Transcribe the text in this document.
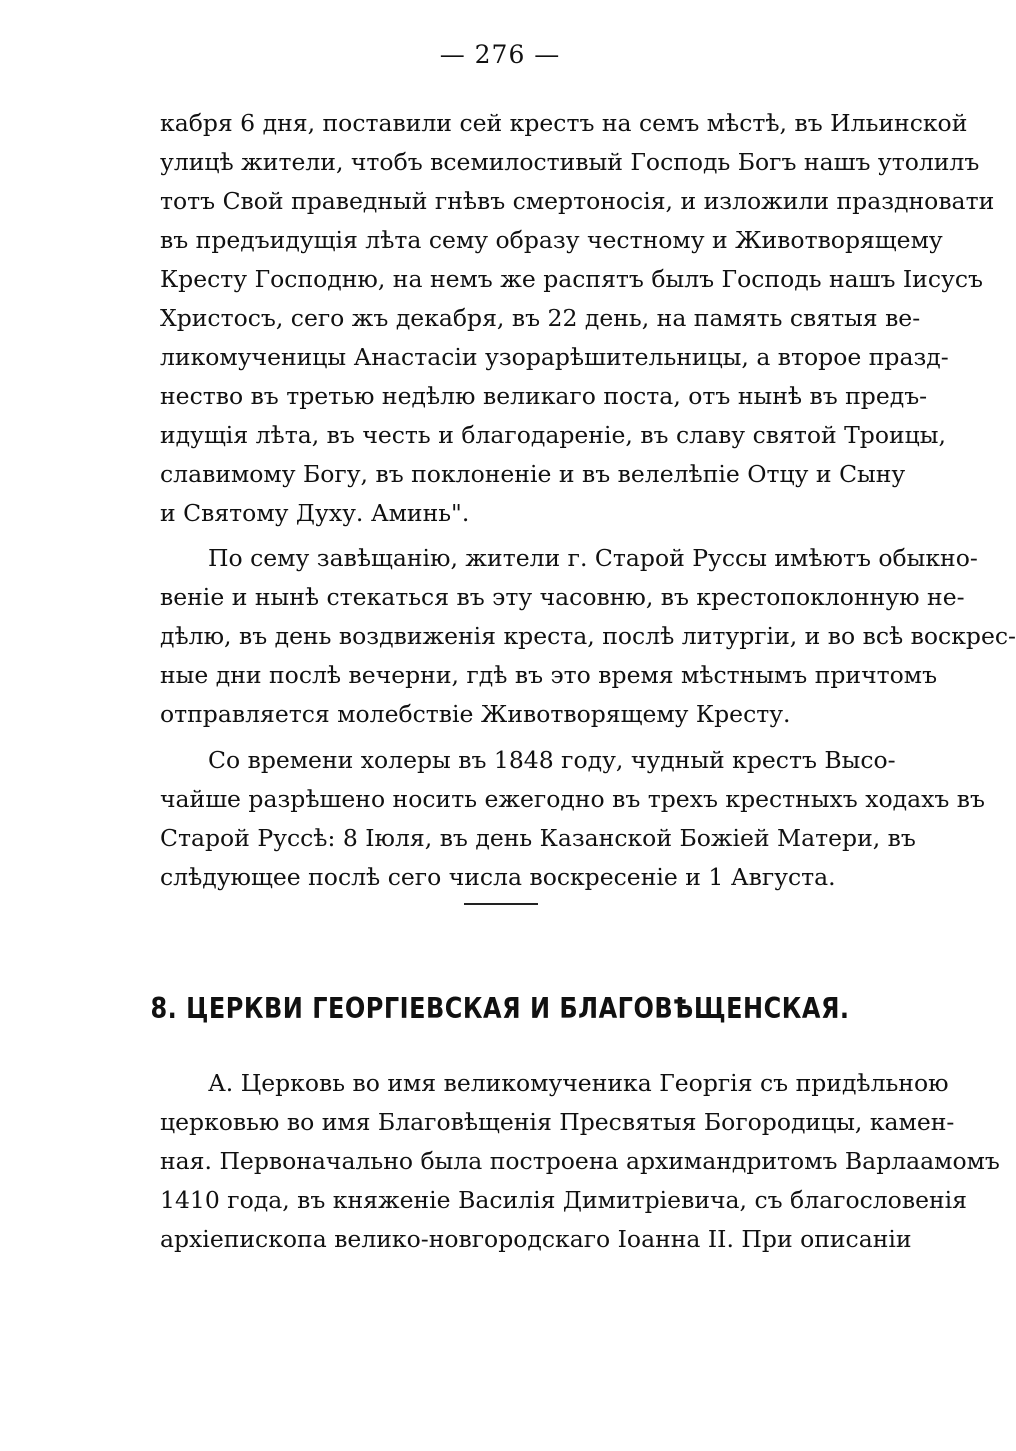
— 276 —
кабря 6 дня, поставили сей крестъ на семъ мѣстѣ, въ Ильинской
улицѣ жители, чтобъ всемилостивый Господь Богъ нашъ утолилъ
тотъ Свой праведный гнѣвъ смертоносія, и изложили праздновати
въ предъидущія лѣта сему образу честному и Животворящему
Кресту Господню, на немъ же распятъ былъ Господь нашъ Іисусъ
Христосъ, сего жъ декабря, въ 22 день, на память святыя ве-
ликомученицы Анастасіи узорарѣшительницы, а второе празд-
нество въ третью недѣлю великаго поста, отъ нынѣ въ предъ-
идущія лѣта, въ честь и благодареніе, въ славу святой Троицы,
славимому Богу, въ поклоненіе и въ велелѣпіе Отцу и Сыну
и Святому Духу. Аминь".
По сему завѣщанію, жители г. Старой Руссы имѣютъ обыкно-
веніе и нынѣ стекаться въ эту часовню, въ крестопоклонную не-
дѣлю, въ день воздвиженія креста, послѣ литургіи, и во всѣ воскрес-
ные дни послѣ вечерни, гдѣ въ это время мѣстнымъ причтомъ
отправляется молебствіе Животворящему Кресту.
Со времени холеры въ 1848 году, чудный крестъ Высо-
чайше разрѣшено носить ежегодно въ трехъ крестныхъ ходахъ въ
Старой Руссѣ: 8 Іюля, въ день Казанской Божіей Матери, въ
слѣдующее послѣ сего числа воскресеніе и 1 Августа.
А. Церковь во имя великомученика Георгія съ придѣльною
церковью во имя Благовѣщенія Пресвятыя Богородицы, камен-
ная. Первоначально была построена архимандритомъ Варлаамомъ
1410 года, въ княженіе Василія Димитріевича, съ благословенія
архіепископа велико-новгородскаго Іоанна II. При описаніи
8. ЦЕРКВИ ГЕОРГІЕВСКАЯ И БЛАГОВѢЩЕНСКАЯ.
